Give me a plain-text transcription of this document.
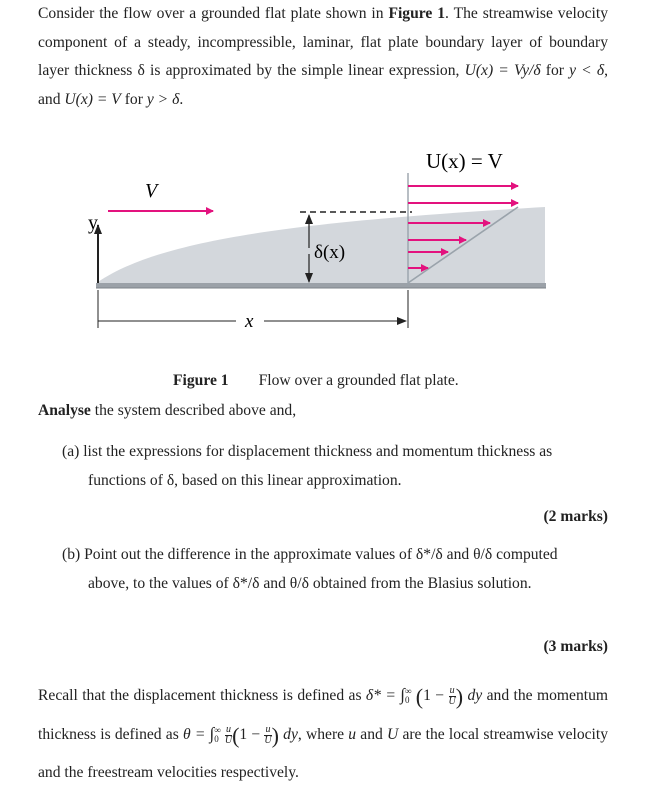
Consider the flow over a grounded flat plate shown in Figure 1. The streamwise velocity component of a steady, incompressible, laminar, flat plate boundary layer of boundary layer thickness δ is approximated by the simple linear expression, U(x) = Vy/δ for y < δ, and U(x) = V for y > δ.
y
V
δ(x)
U(x) = V
x
Figure 1 Flow over a grounded flat plate.
Analyse the system described above and,
(a) list the expressions for displacement thickness and momentum thickness as
functions of δ, based on this linear approximation.
(2 marks)
(b) Point out the difference in the approximate values of δ*/δ and θ/δ computed
above, to the values of δ*/δ and θ/δ obtained from the Blasius solution.
(3 marks)
Recall that the displacement thickness is defined as δ* = ∫ ∞
0 ($1 - \frac{u}{U}$ ) dy and the momentum thickness is defined as θ = ∫ ∞
0
$\frac{u}{U} (1 - \frac{u}{U}$ ) dy, where u and U are the local streamwise velocity and the freestream velocities respectively.
